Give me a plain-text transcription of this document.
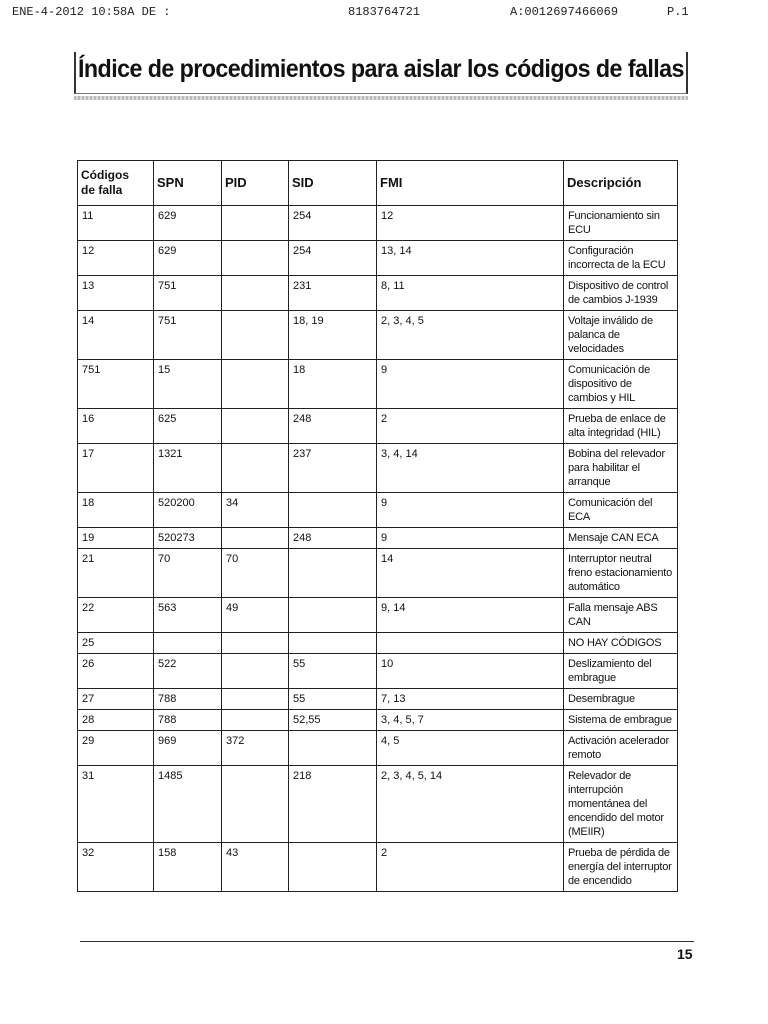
ENE-4-2012 10:58A DE :	8183764721	A:0012697466069	P.1
Índice de procedimientos para aislar los códigos de fallas
Códigos
de falla	SPN	PID	SID	FMI	Descripción
11	629		254	12	Funcionamiento sin ECU
12	629		254	13, 14	Configuración incorrecta de la ECU
13	751		231	8, 11	Dispositivo de control de cambios J-1939
14	751		18, 19	2, 3, 4, 5	Voltaje inválido de palanca de velocidades
751	15		18	9	Comunicación de dispositivo de cambios y HIL
16	625		248	2	Prueba de enlace de alta integridad (HIL)
17	1321		237	3, 4, 14	Bobina del relevador para habilitar el arranque
18	520200	34		9	Comunicación del ECA
19	520273		248	9	Mensaje CAN ECA
21	70	70		14	Interruptor neutral freno estacionamiento automático
22	563	49		9, 14	Falla mensaje ABS CAN
25					NO HAY CÓDIGOS
26	522		55	10	Deslizamiento del embrague
27	788		55	7, 13	Desembrague
28	788		52,55	3, 4, 5, 7	Sistema de embrague
29	969	372		4, 5	Activación acelerador remoto
31	1485		218	2, 3, 4, 5, 14	Relevador de interrupción momentánea del encendido del motor (MEIIR)
32	158	43		2	Prueba de pérdida de energía del interruptor de encendido
15
